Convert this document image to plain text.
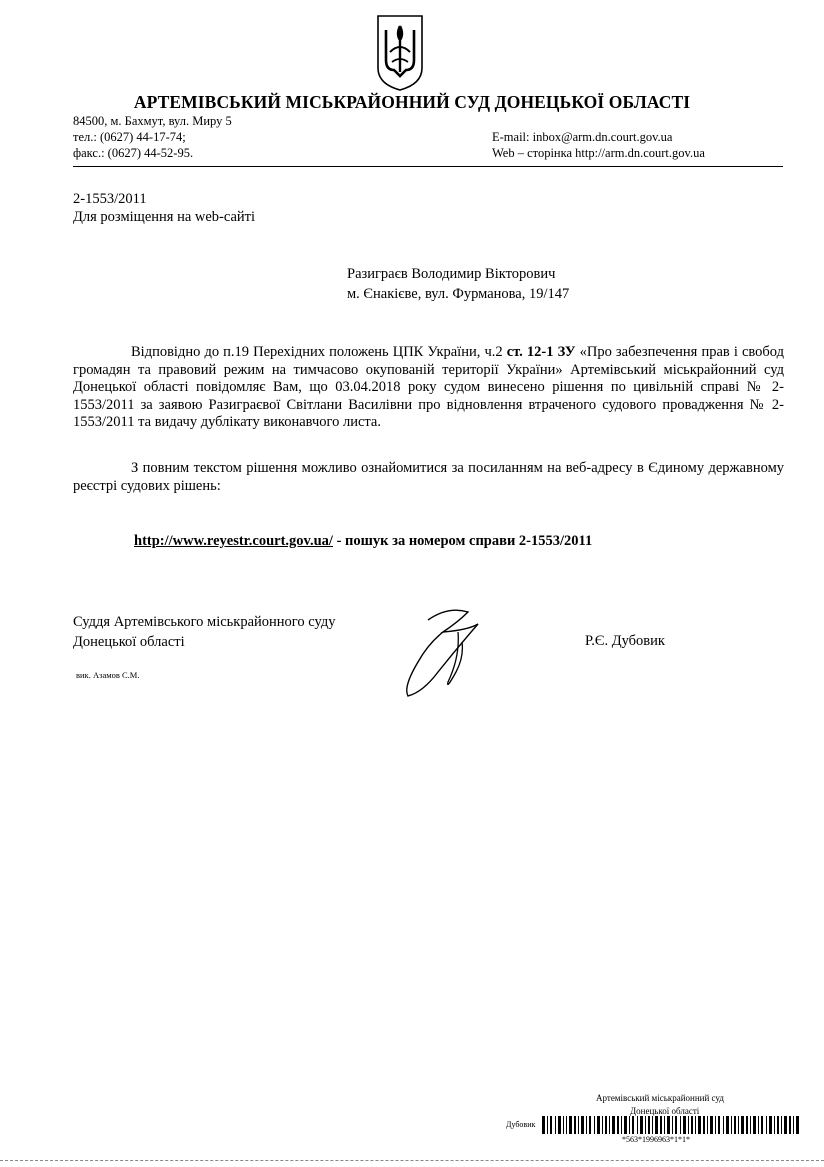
АРТЕМІВСЬКИЙ МІСЬКРАЙОННИЙ СУД ДОНЕЦЬКОЇ ОБЛАСТІ
84500, м. Бахмут, вул. Миру 5
тел.: (0627) 44-17-74;
факс.: (0627) 44-52-95.
E-mail: inbox@arm.dn.court.gov.ua
Web – сторінка http://arm.dn.court.gov.ua
2-1553/2011
Для розміщення на web-сайті
Разиграєв Володимир Вікторович
м. Єнакієве, вул. Фурманова, 19/147
Відповідно до п.19 Перехідних положень ЦПК України, ч.2 ст. 12-1 ЗУ «Про забезпечення прав і свобод громадян та правовий режим на тимчасово окупованій території України» Артемівський міськрайонний суд Донецької області повідомляє Вам, що 03.04.2018 року судом винесено рішення по цивільній справі № 2-1553/2011 за заявою Разиграєвої Світлани Василівни про відновлення втраченого судового провадження № 2-1553/2011 та видачу дублікату виконавчого листа.
З повним текстом рішення можливо ознайомитися за посиланням на веб-адресу в Єдиному державному реєстрі судових рішень:
http://www.reyestr.court.gov.ua/ - пошук за номером справи 2-1553/2011
Суддя Артемівського міськрайонного суду
Донецької області	Р.Є. Дубовик
вик. Азамов С.М.
Артемівський міськрайонний суд
Донецької області
Дубовик
*563*1996963*1*1*
